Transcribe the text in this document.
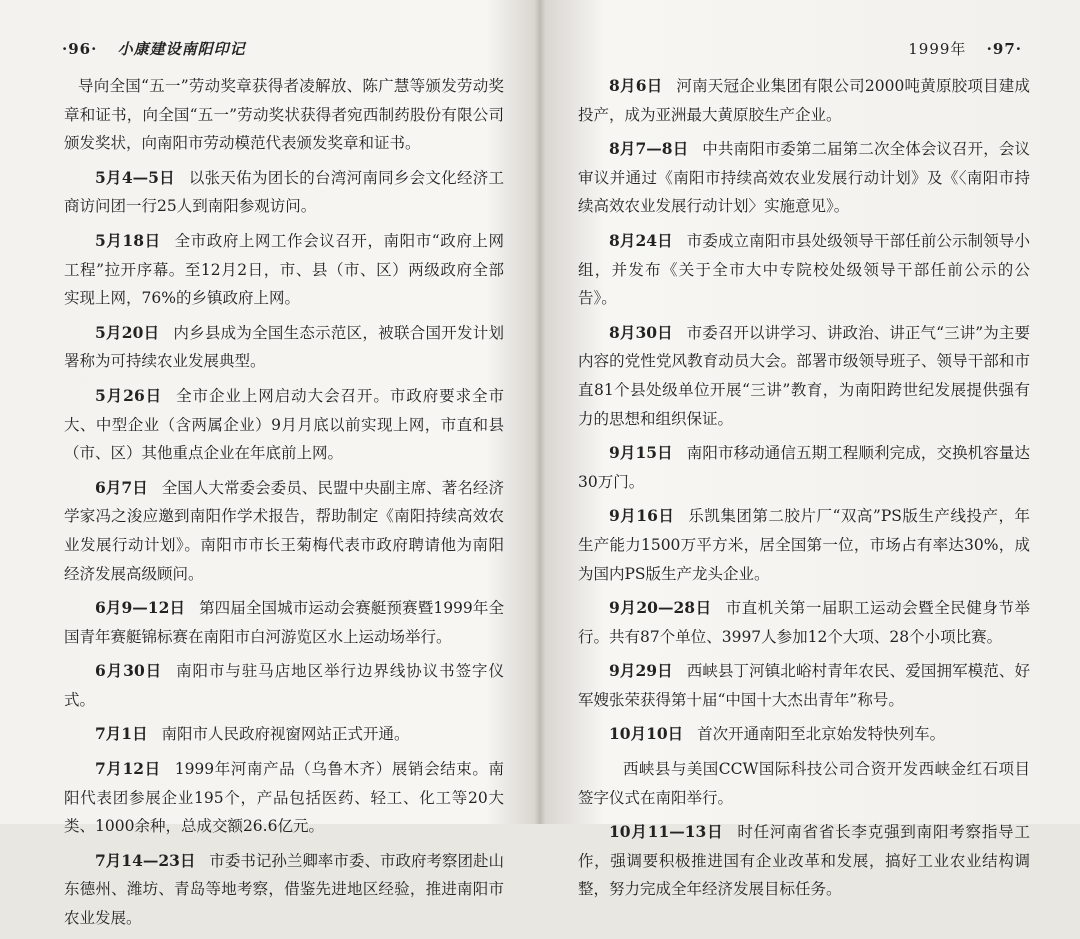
·96· 小康建设南阳印记

导向全国“五一”劳动奖章获得者凌解放、陈广慧等颁发劳动奖章和证书，向全国“五一”劳动奖状获得者宛西制药股份有限公司颁发奖状，向南阳市劳动模范代表颁发奖章和证书。

5月4—5日 以张天佑为团长的台湾河南同乡会文化经济工商访问团一行25人到南阳参观访问。

5月18日 全市政府上网工作会议召开，南阳市“政府上网工程”拉开序幕。至12月2日，市、县（市、区）两级政府全部实现上网，76%的乡镇政府上网。

5月20日 内乡县成为全国生态示范区，被联合国开发计划署称为可持续农业发展典型。

5月26日 全市企业上网启动大会召开。市政府要求全市大、中型企业（含两属企业）9月月底以前实现上网，市直和县（市、区）其他重点企业在年底前上网。

6月7日 全国人大常委会委员、民盟中央副主席、著名经济学家冯之浚应邀到南阳作学术报告，帮助制定《南阳持续高效农业发展行动计划》。南阳市市长王菊梅代表市政府聘请他为南阳经济发展高级顾问。

6月9—12日 第四届全国城市运动会赛艇预赛暨1999年全国青年赛艇锦标赛在南阳市白河游览区水上运动场举行。

6月30日 南阳市与驻马店地区举行边界线协议书签字仪式。

7月1日 南阳市人民政府视窗网站正式开通。

7月12日 1999年河南产品（乌鲁木齐）展销会结束。南阳代表团参展企业195个，产品包括医药、轻工、化工等20大类、1000余种，总成交额26.6亿元。

7月14—23日 市委书记孙兰卿率市委、市政府考察团赴山东德州、潍坊、青岛等地考察，借鉴先进地区经验，推进南阳市农业发展。

1999年 ·97·

8月6日 河南天冠企业集团有限公司2000吨黄原胶项目建成投产，成为亚洲最大黄原胶生产企业。

8月7—8日 中共南阳市委第二届第二次全体会议召开，会议审议并通过《南阳市持续高效农业发展行动计划》及《〈南阳市持续高效农业发展行动计划〉实施意见》。

8月24日 市委成立南阳市县处级领导干部任前公示制领导小组，并发布《关于全市大中专院校处级领导干部任前公示的公告》。

8月30日 市委召开以讲学习、讲政治、讲正气“三讲”为主要内容的党性党风教育动员大会。部署市级领导班子、领导干部和市直81个县处级单位开展“三讲”教育，为南阳跨世纪发展提供强有力的思想和组织保证。

9月15日 南阳市移动通信五期工程顺利完成，交换机容量达30万门。

9月16日 乐凯集团第二胶片厂“双高”PS版生产线投产，年生产能力1500万平方米，居全国第一位，市场占有率达30%，成为国内PS版生产龙头企业。

9月20—28日 市直机关第一届职工运动会暨全民健身节举行。共有87个单位、3997人参加12个大项、28个小项比赛。

9月29日 西峡县丁河镇北峪村青年农民、爱国拥军模范、好军嫂张荣获得第十届“中国十大杰出青年”称号。

10月10日 首次开通南阳至北京始发特快列车。

西峡县与美国CCW国际科技公司合资开发西峡金红石项目签字仪式在南阳举行。

10月11—13日 时任河南省省长李克强到南阳考察指导工作，强调要积极推进国有企业改革和发展，搞好工业农业结构调整，努力完成全年经济发展目标任务。
